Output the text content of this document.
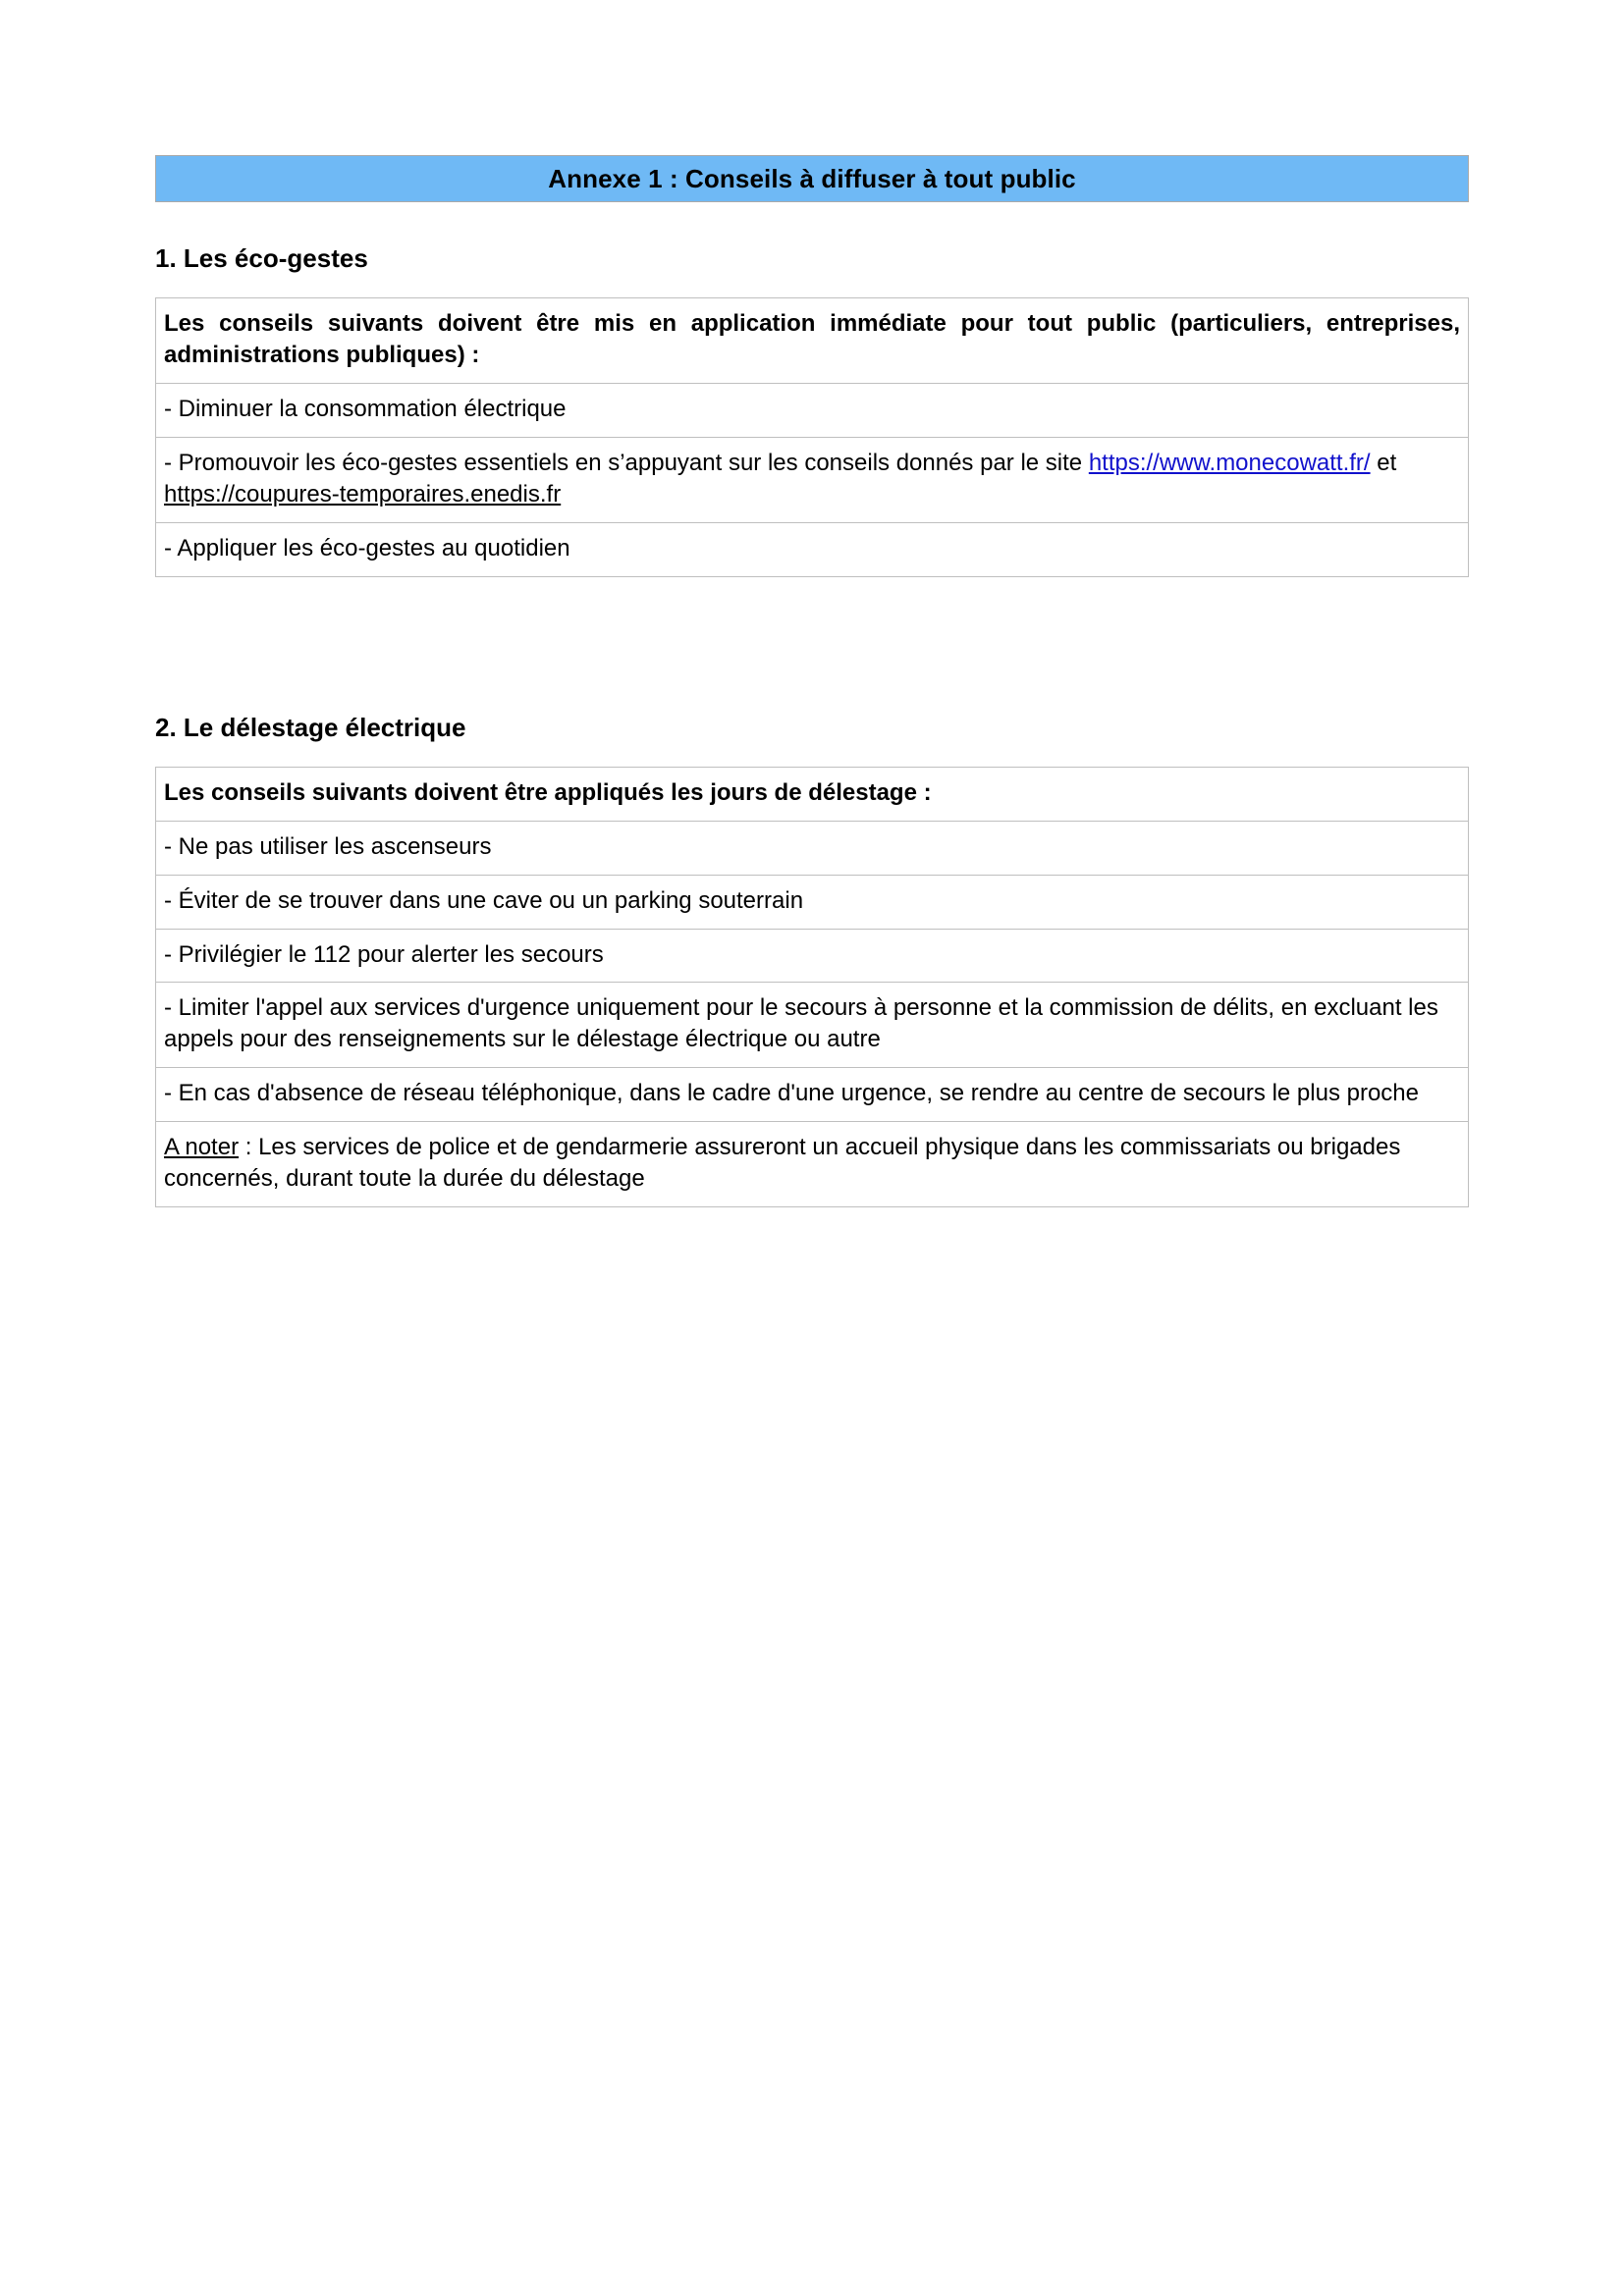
Annexe 1 : Conseils à diffuser à tout public
1. Les éco-gestes
Les conseils suivants doivent être mis en application immédiate pour tout public (particuliers, entreprises, administrations publiques) :
- Diminuer la consommation électrique
- Promouvoir les éco-gestes essentiels en s’appuyant sur les conseils donnés par le site https://www.monecowatt.fr/ et https://coupures-temporaires.enedis.fr
- Appliquer les éco-gestes au quotidien
2. Le délestage électrique
Les conseils suivants doivent être appliqués les jours de délestage :
- Ne pas utiliser les ascenseurs
- Éviter de se trouver dans une cave ou un parking souterrain
- Privilégier le 112 pour alerter les secours
- Limiter l'appel aux services d'urgence uniquement pour le secours à personne et la commission de délits, en excluant les appels pour des renseignements sur le délestage électrique ou autre
- En cas d'absence de réseau téléphonique, dans le cadre d'une urgence, se rendre au centre de secours le plus proche
A noter : Les services de police et de gendarmerie assureront un accueil physique dans les commissariats ou brigades concernés, durant toute la durée du délestage
